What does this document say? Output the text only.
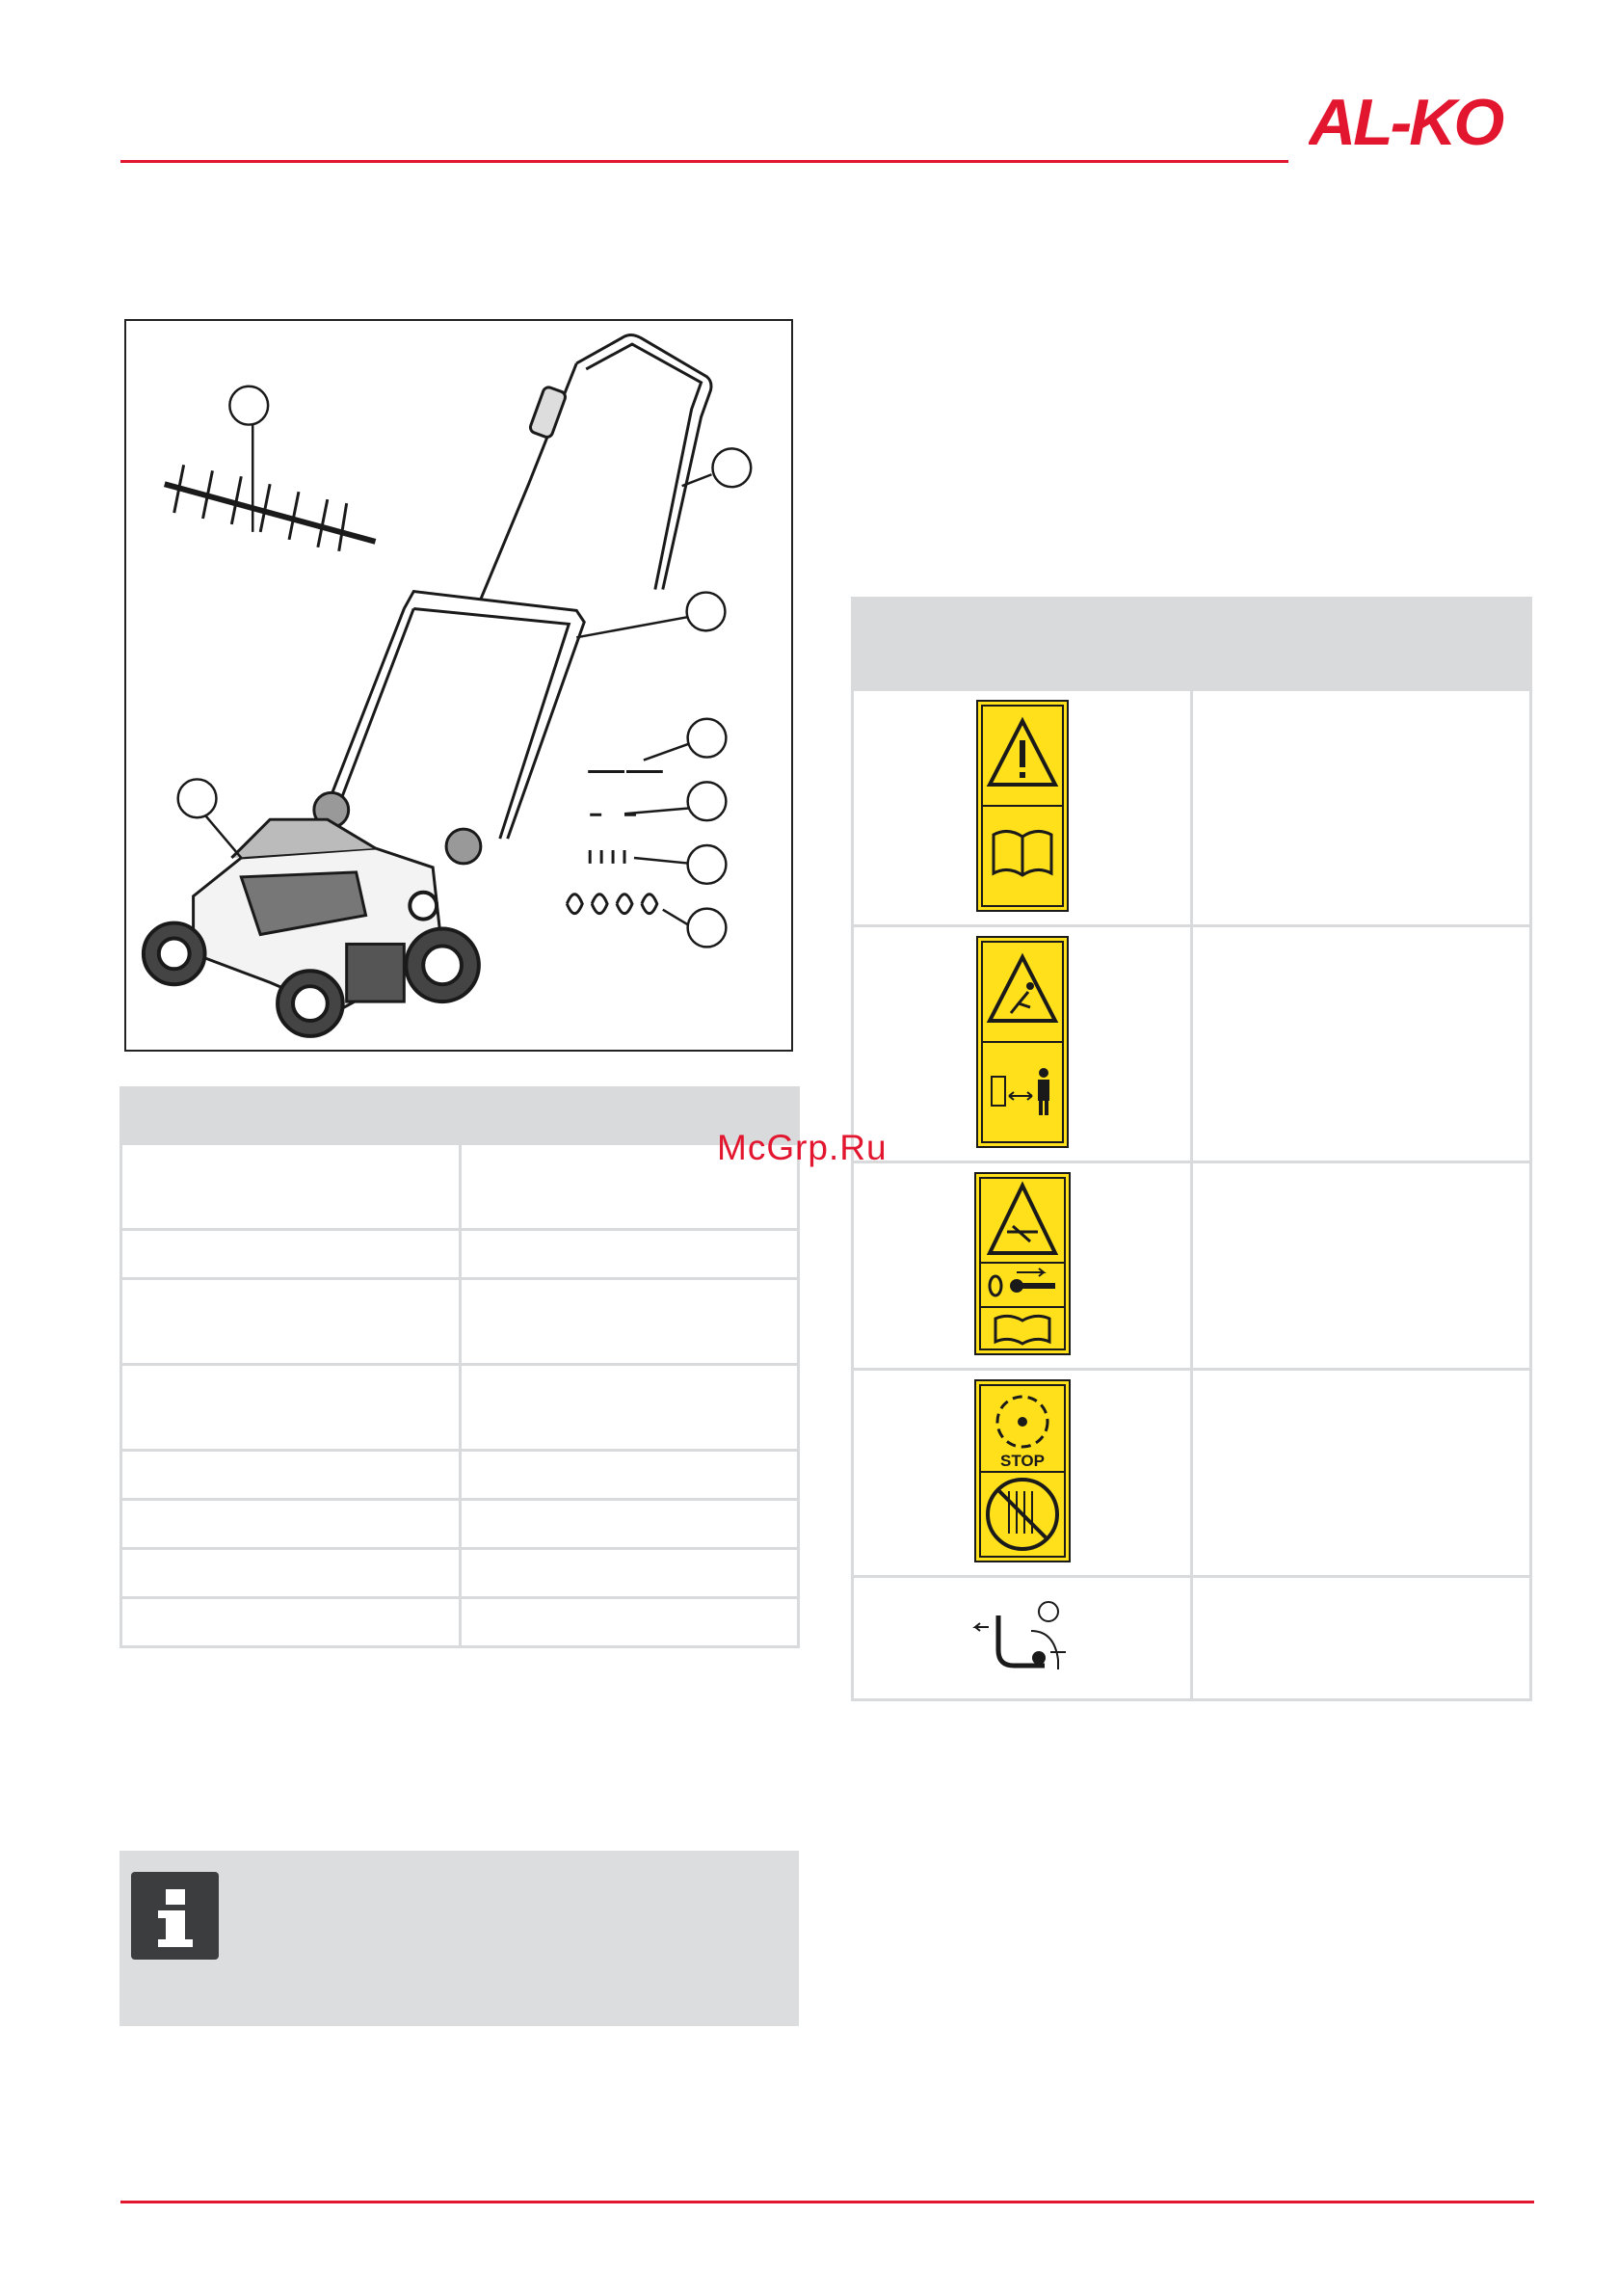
AL-KO

STOP	

McGrp.Ru
